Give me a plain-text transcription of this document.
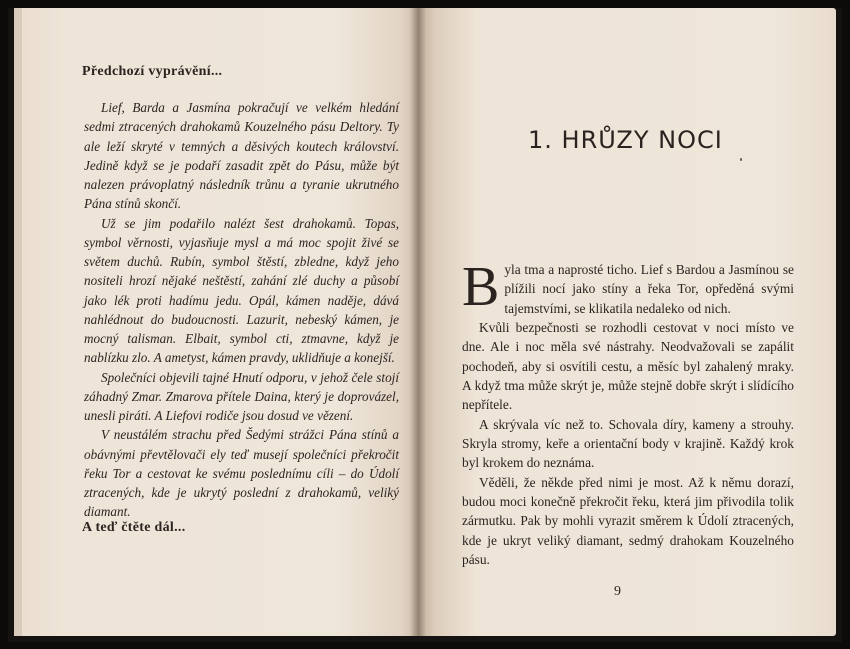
Předchozí vyprávění...

Lief, Barda a Jasmína pokračují ve velkém hledání sedmi ztracených drahokamů Kouzelného pásu Deltory. Ty ale leží skryté v temných a děsivých koutech království. Jedině když se je podaří zasadit zpět do Pásu, může být nalezen právoplatný následník trůnu a tyranie ukrutného Pána stínů skončí.

Už se jim podařilo nalézt šest drahokamů. Topas, symbol věrnosti, vyjasňuje mysl a má moc spojit živé se světem duchů. Rubín, symbol štěstí, zbledne, když jeho nositeli hrozí nějaké neštěstí, zahání zlé duchy a působí jako lék proti hadímu jedu. Opál, kámen naděje, dává nahlédnout do budoucnosti. Lazurit, nebeský kámen, je mocný talisman. Elbait, symbol cti, ztmavne, když je nablízku zlo. A ametyst, kámen pravdy, uklidňuje a konejší.

Společníci objevili tajné Hnutí odporu, v jehož čele stojí záhadný Zmar. Zmarova přítele Daina, který je doprovázel, unesli piráti. A Liefovi rodiče jsou dosud ve vězení.

V neustálém strachu před Šedými strážci Pána stínů a obávnými převtělovači ely teď musejí společníci překročit řeku Tor a cestovat ke svému poslednímu cíli – do Údolí ztracených, kde je ukrytý poslední z drahokamů, veliký diamant.

A teď čtěte dál...
1. HRŮZY NOCI

Byla tma a naprosté ticho. Lief s Bardou a Jasmínou se plížili nocí jako stíny a řeka Tor, opředěná svými tajemstvími, se klikatila nedaleko od nich.

Kvůli bezpečnosti se rozhodli cestovat v noci místo ve dne. Ale i noc měla své nástrahy. Neodvažovali se zapálit pochodeň, aby si osvítili cestu, a měsíc byl zahalený mraky. A když tma může skrýt je, může stejně dobře skrýt i slídícího nepřítele.

A skrývala víc než to. Schovala díry, kameny a strouhy. Skryla stromy, keře a orientační body v krajině. Každý krok byl krokem do neznáma.

Věděli, že někde před nimi je most. Až k němu dorazí, budou moci konečně překročit řeku, která jim přivodila tolik zármutku. Pak by mohli vyrazit směrem k Údolí ztracených, kde je ukryt veliký diamant, sedmý drahokam Kouzelného pásu.

9
